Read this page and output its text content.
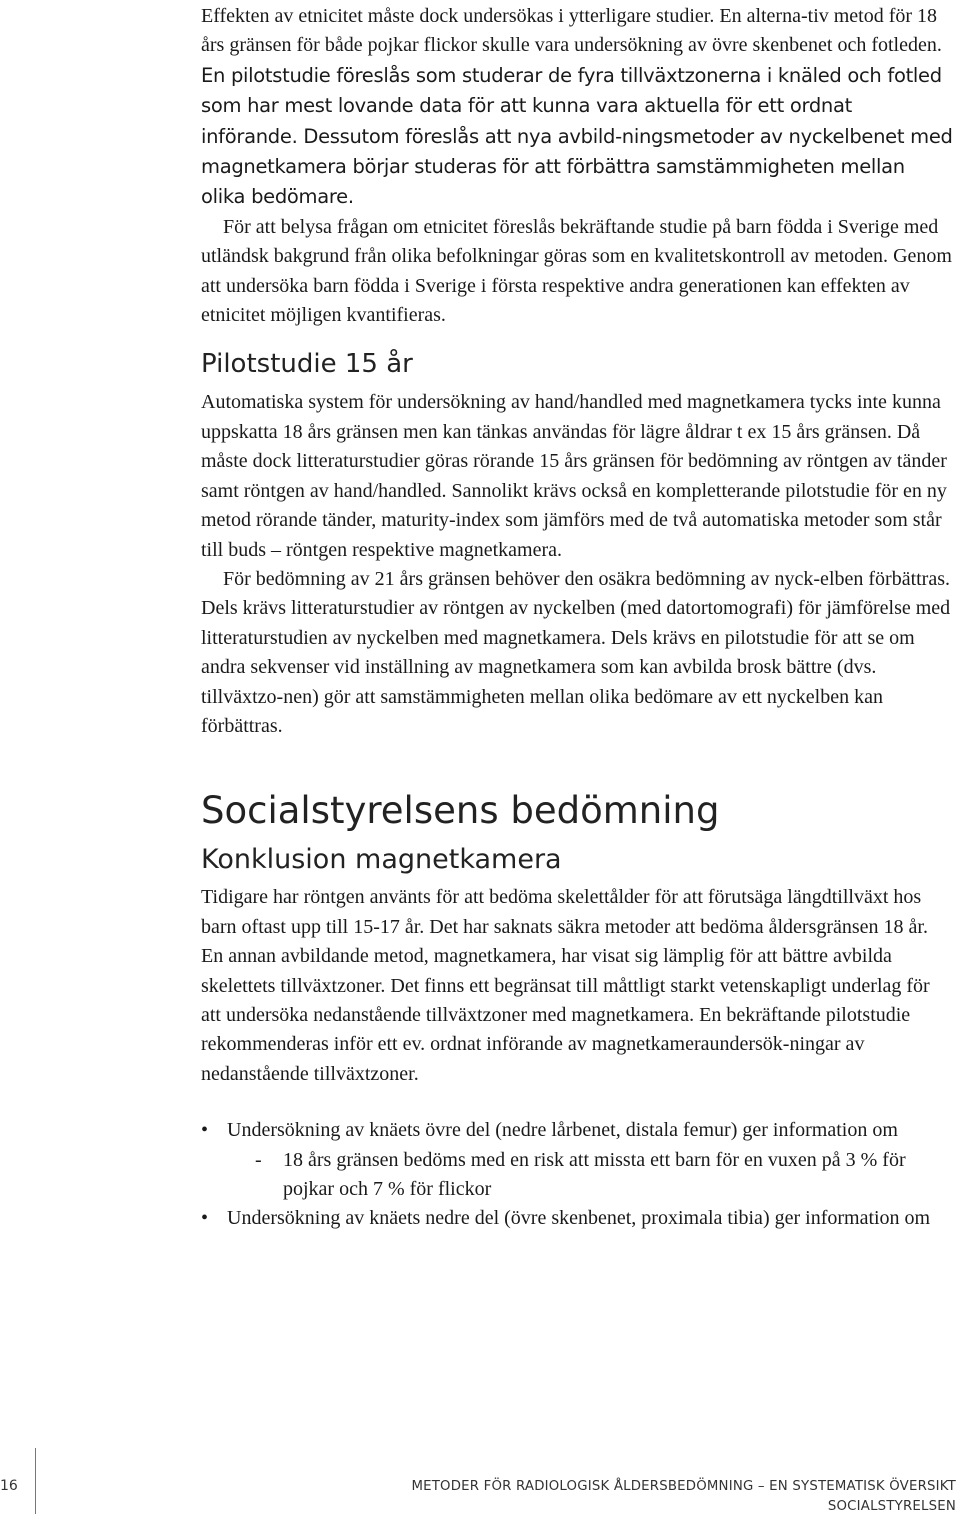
Effekten av etnicitet måste dock undersökas i ytterligare studier. En alterna-tiv metod för 18 års gränsen för både pojkar flickor skulle vara undersökning av övre skenbenet och fotleden. En pilotstudie föreslås som studerar de fyra tillväxtzonerna i knäled och fotled som har mest lovande data för att kunna vara aktuella för ett ordnat införande. Dessutom föreslås att nya avbild-ningsmetoder av nyckelbenet med magnetkamera börjar studeras för att förbättra samstämmigheten mellan olika bedömare.

För att belysa frågan om etnicitet föreslås bekräftande studie på barn födda i Sverige med utländsk bakgrund från olika befolkningar göras som en kvalitetskontroll av metoden. Genom att undersöka barn födda i Sverige i första respektive andra generationen kan effekten av etnicitet möjligen kvantifieras.

Pilotstudie 15 år

Automatiska system för undersökning av hand/handled med magnetkamera tycks inte kunna uppskatta 18 års gränsen men kan tänkas användas för lägre åldrar t ex 15 års gränsen. Då måste dock litteraturstudier göras rörande 15 års gränsen för bedömning av röntgen av tänder samt röntgen av hand/handled. Sannolikt krävs också en kompletterande pilotstudie för en ny metod rörande tänder, maturity-index som jämförs med de två automatiska metoder som står till buds – röntgen respektive magnetkamera.

För bedömning av 21 års gränsen behöver den osäkra bedömning av nyck-elben förbättras. Dels krävs litteraturstudier av röntgen av nyckelben (med datortomografi) för jämförelse med litteraturstudien av nyckelben med magnetkamera. Dels krävs en pilotstudie för att se om andra sekvenser vid inställning av magnetkamera som kan avbilda brosk bättre (dvs. tillväxtzo-nen) gör att samstämmigheten mellan olika bedömare av ett nyckelben kan förbättras.

Socialstyrelsens bedömning
Konklusion magnetkamera

Tidigare har röntgen använts för att bedöma skelettålder för att förutsäga längdtillväxt hos barn oftast upp till 15-17 år. Det har saknats säkra metoder att bedöma åldersgränsen 18 år. En annan avbildande metod, magnetkamera, har visat sig lämplig för att bättre avbilda skelettets tillväxtzoner. Det finns ett begränsat till måttligt starkt vetenskapligt underlag för att undersöka nedanstående tillväxtzoner med magnetkamera. En bekräftande pilotstudie rekommenderas inför ett ev. ordnat införande av magnetkameraundersök-ningar av nedanstående tillväxtzoner.

• Undersökning av knäets övre del (nedre lårbenet, distala femur) ger information om
- 18 års gränsen bedöms med en risk att missta ett barn för en vuxen på 3 % för pojkar och 7 % för flickor
• Undersökning av knäets nedre del (övre skenbenet, proximala tibia) ger information om
16	METODER FÖR RADIOLOGISK ÅLDERSBEDÖMNING – EN SYSTEMATISK ÖVERSIKT
SOCIALSTYRELSEN
